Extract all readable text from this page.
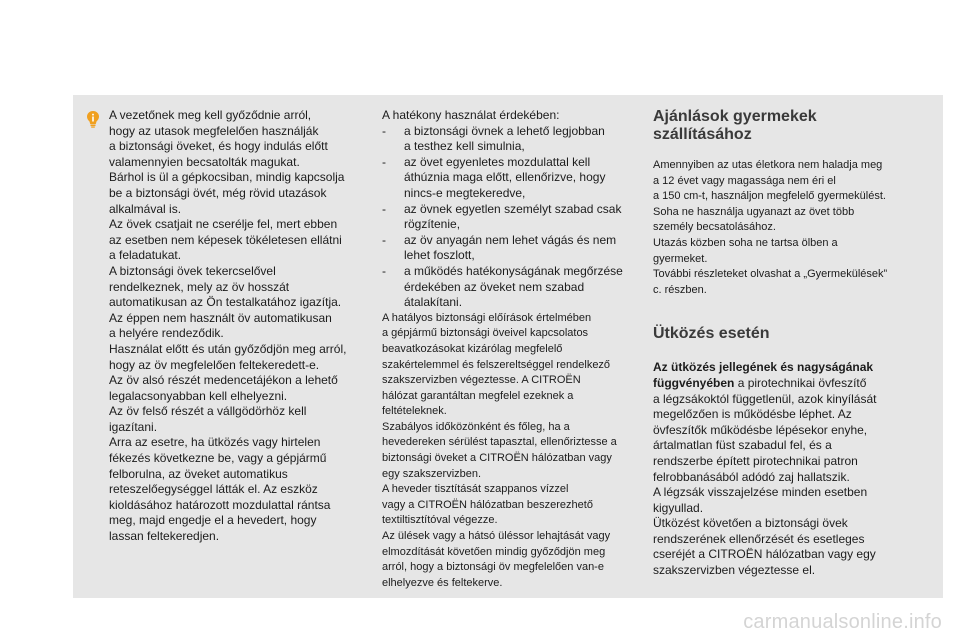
A vezetőnek meg kell győződnie arról,
hogy az utasok megfelelően használják
a biztonsági öveket, és hogy indulás előtt
valamennyien becsatolták magukat.
Bárhol is ül a gépkocsiban, mindig kapcsolja
be a biztonsági övét, még rövid utazások
alkalmával is.
Az övek csatjait ne cserélje fel, mert ebben
az esetben nem képesek tökéletesen ellátni
a feladatukat.
A biztonsági övek tekercselővel
rendelkeznek, mely az öv hosszát
automatikusan az Ön testalkatához igazítja.
Az éppen nem használt öv automatikusan
a helyére rendeződik.
Használat előtt és után győződjön meg arról,
hogy az öv megfelelően feltekeredett-e.
Az öv alsó részét medencetájékon a lehető
legalacsonyabban kell elhelyezni.
Az öv felső részét a vállgödörhöz kell
igazítani.
Arra az esetre, ha ütközés vagy hirtelen
fékezés következne be, vagy a gépjármű
felborulna, az öveket automatikus
reteszelőegységgel látták el. Az eszköz
kioldásához határozott mozdulattal rántsa
meg, majd engedje el a hevedert, hogy
lassan feltekeredjen.

A hatékony használat érdekében:

- a biztonsági övnek a lehető legjobban
a testhez kell simulnia,
- az övet egyenletes mozdulattal kell
áthúznia maga előtt, ellenőrizve, hogy
nincs-e megtekeredve,
- az övnek egyetlen személyt szabad csak
rögzítenie,
- az öv anyagán nem lehet vágás és nem
lehet foszlott,
- a működés hatékonyságának megőrzése
érdekében az öveket nem szabad
átalakítani.

A hatályos biztonsági előírások értelmében
a gépjármű biztonsági öveivel kapcsolatos
beavatkozásokat kizárólag megfelelő
szakértelemmel és felszereltséggel rendelkező
szakszervizben végeztesse. A CITROËN
hálózat garantáltan megfelel ezeknek a
feltételeknek.
Szabályos időközönként és főleg, ha a
hevedereken sérülést tapasztal, ellenőriztesse a
biztonsági öveket a CITROËN hálózatban vagy
egy szakszervizben.
A heveder tisztítását szappanos vízzel
vagy a CITROËN hálózatban beszerezhető
textiltisztítóval végezze.
Az ülések vagy a hátsó üléssor lehajtását vagy
elmozdítását követően mindig győződjön meg
arról, hogy a biztonsági öv megfelelően van-e
elhelyezve és feltekerve.

Ajánlások gyermekek
szállításához

Amennyiben az utas életkora nem haladja meg
a 12 évet vagy magassága nem éri el
a 150 cm-t, használjon megfelelő gyermekülést.
Soha ne használja ugyanazt az övet több
személy becsatolásához.
Utazás közben soha ne tartsa ölben a
gyermeket.
További részleteket olvashat a „Gyermekülések”
c. részben.

Ütközés esetén

Az ütközés jellegének és nagyságának
függvényében a pirotechnikai övfeszítő
a légzsákoktól függetlenül, azok kinyílását
megelőzően is működésbe léphet. Az
övfeszítők működésbe lépésekor enyhe,
ártalmatlan füst szabadul fel, és a
rendszerbe épített pirotechnikai patron
felrobbanásából adódó zaj hallatszik.
A légzsák visszajelzése minden esetben
kigyullad.
Ütközést követően a biztonsági övek
rendszerének ellenőrzését és esetleges
cseréjét a CITROËN hálózatban vagy egy
szakszervizben végeztesse el.

carmanualsonline.info
